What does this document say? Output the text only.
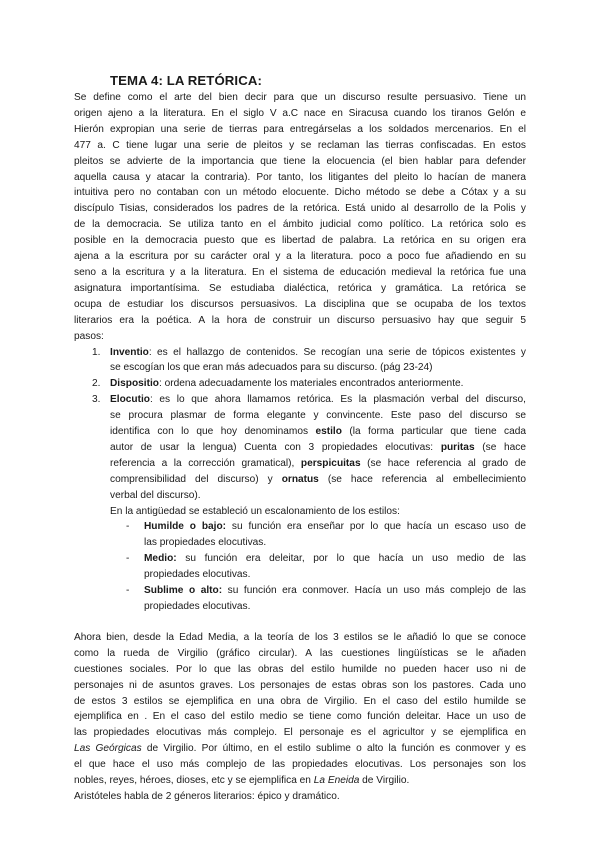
TEMA 4: LA RETÓRICA:
Se define como el arte del bien decir para que un discurso resulte persuasivo. Tiene un
origen ajeno a la literatura. En el siglo V a.C nace en Siracusa cuando los tiranos Gelón e
Hierón expropian una serie de tierras para entregárselas a los soldados mercenarios. En el
477 a. C tiene lugar una serie de pleitos y se reclaman las tierras confiscadas. En estos
pleitos se advierte de la importancia que tiene la elocuencia (el bien hablar para defender
aquella causa y atacar la contraria). Por tanto, los litigantes del pleito lo hacían de manera
intuitiva pero no contaban con un método elocuente. Dicho método se debe a Cótax y a su
discípulo Tisias, considerados los padres de la retórica. Está unido al desarrollo de la Polis y
de la democracia. Se utiliza tanto en el ámbito judicial como político. La retórica solo es
posible en la democracia puesto que es libertad de palabra. La retórica en su origen era
ajena a la escritura por su carácter oral y a la literatura. poco a poco fue añadiendo en su
seno a la escritura y a la literatura. En el sistema de educación medieval la retórica fue una
asignatura importantísima. Se estudiaba dialéctica, retórica y gramática. La retórica se
ocupa de estudiar los discursos persuasivos. La disciplina que se ocupaba de los textos
literarios era la poética. A la hora de construir un discurso persuasivo hay que seguir 5
pasos:
1. Inventio: es el hallazgo de contenidos. Se recogían una serie de tópicos existentes y
se escogían los que eran más adecuados para su discurso. (pág 23-24)
2. Dispositio: ordena adecuadamente los materiales encontrados anteriormente.
3. Elocutio: es lo que ahora llamamos retórica. Es la plasmación verbal del discurso,
se procura plasmar de forma elegante y convincente. Este paso del discurso se
identifica con lo que hoy denominamos estilo (la forma particular que tiene cada
autor de usar la lengua) Cuenta con 3 propiedades elocutivas: puritas (se hace
referencia a la corrección gramatical), perspicuitas (se hace referencia al grado de
comprensibilidad del discurso) y ornatus (se hace referencia al embellecimiento
verbal del discurso).
En la antigüedad se estableció un escalonamiento de los estilos:
- Humilde o bajo: su función era enseñar por lo que hacía un escaso uso de
las propiedades elocutivas.
- Medio: su función era deleitar, por lo que hacía un uso medio de las
propiedades elocutivas.
- Sublime o alto: su función era conmover. Hacía un uso más complejo de las
propiedades elocutivas.
Ahora bien, desde la Edad Media, a la teoría de los 3 estilos se le añadió lo que se conoce
como la rueda de Virgilio (gráfico circular). A las cuestiones lingüísticas se le añaden
cuestiones sociales. Por lo que las obras del estilo humilde no pueden hacer uso ni de
personajes ni de asuntos graves. Los personajes de estas obras son los pastores. Cada uno
de estos 3 estilos se ejemplifica en una obra de Virgilio. En el caso del estilo humilde se
ejemplifica en . En el caso del estilo medio se tiene como función deleitar. Hace un uso de
las propiedades elocutivas más complejo. El personaje es el agricultor y se ejemplifica en
Las Geórgicas de Virgilio. Por último, en el estilo sublime o alto la función es conmover y es
el que hace el uso más complejo de las propiedades elocutivas. Los personajes son los
nobles, reyes, héroes, dioses, etc y se ejemplifica en La Eneida de Virgilio.

Aristóteles habla de 2 géneros literarios: épico y dramático.
